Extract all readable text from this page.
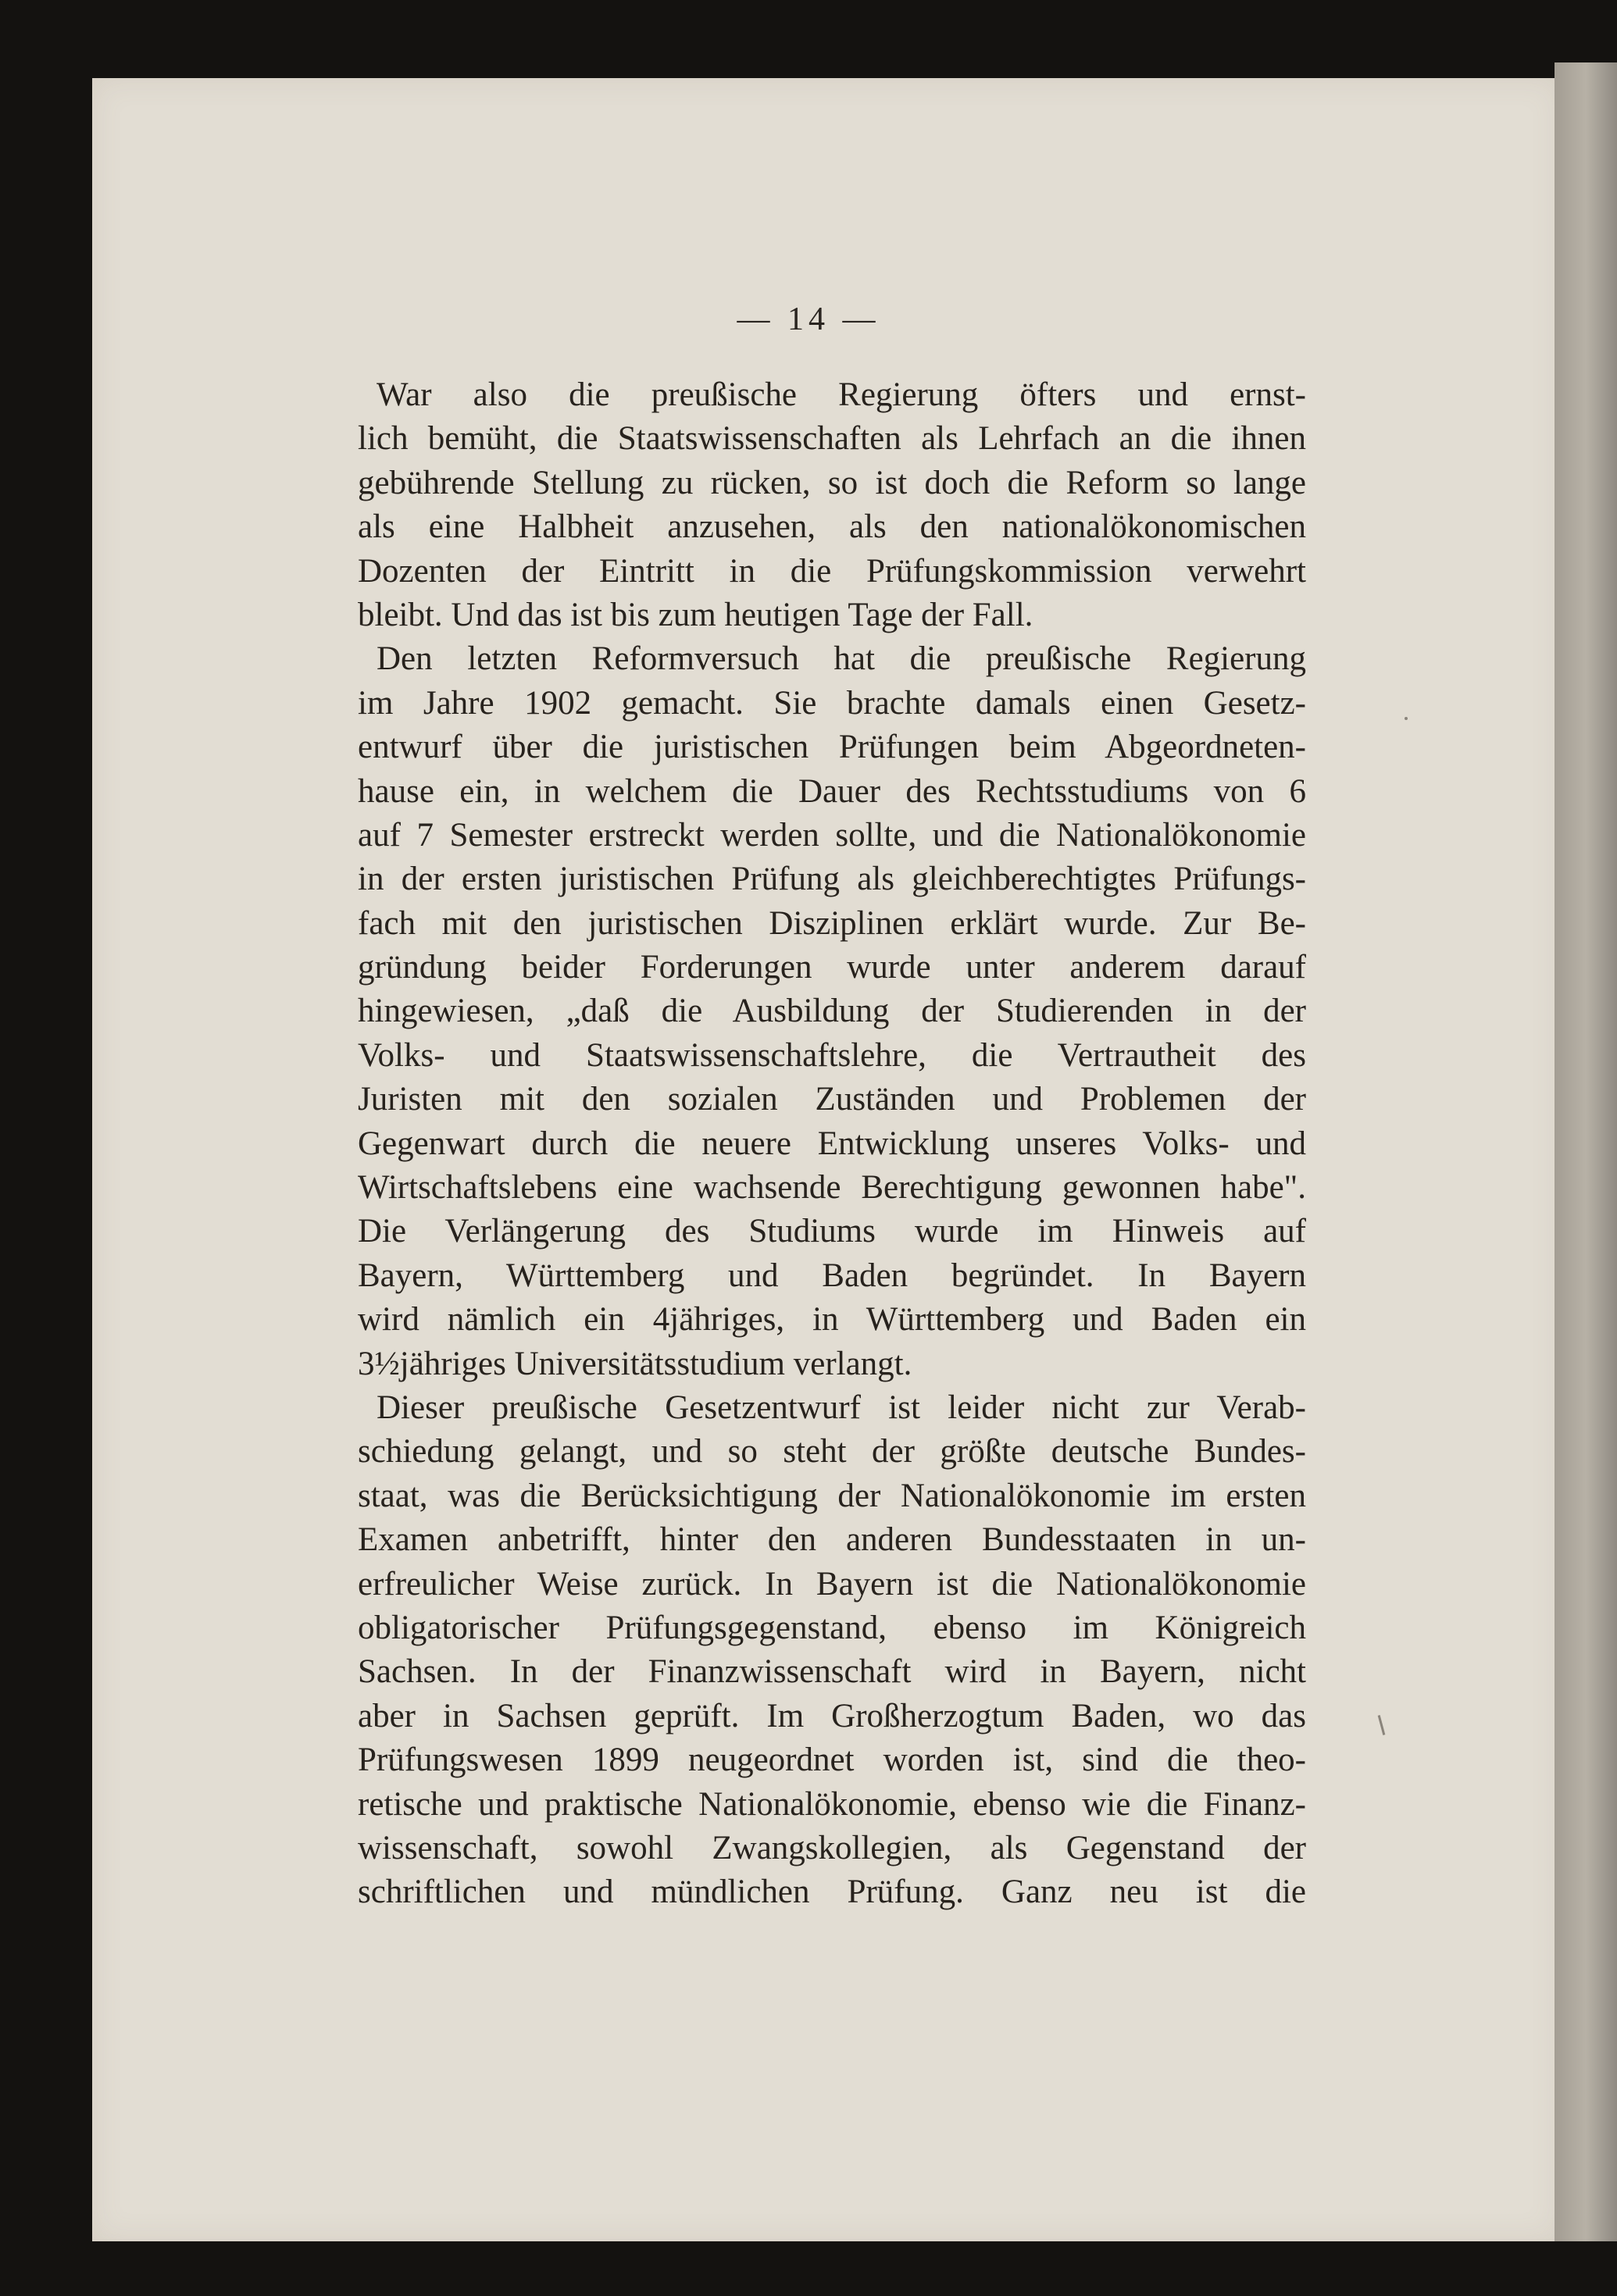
— 14 —
War also die preußische Regierung öfters und ernst-
lich bemüht, die Staatswissenschaften als Lehrfach an die ihnen
gebührende Stellung zu rücken, so ist doch die Reform so lange
als eine Halbheit anzusehen, als den nationalökonomischen
Dozenten der Eintritt in die Prüfungskommission verwehrt
bleibt. Und das ist bis zum heutigen Tage der Fall.
Den letzten Reformversuch hat die preußische Regierung
im Jahre 1902 gemacht. Sie brachte damals einen Gesetz-
entwurf über die juristischen Prüfungen beim Abgeordneten-
hause ein, in welchem die Dauer des Rechtsstudiums von 6
auf 7 Semester erstreckt werden sollte, und die Nationalökonomie
in der ersten juristischen Prüfung als gleichberechtigtes Prüfungs-
fach mit den juristischen Disziplinen erklärt wurde. Zur Be-
gründung beider Forderungen wurde unter anderem darauf
hingewiesen, „daß die Ausbildung der Studierenden in der
Volks- und Staatswissenschaftslehre, die Vertrautheit des
Juristen mit den sozialen Zuständen und Problemen der
Gegenwart durch die neuere Entwicklung unseres Volks- und
Wirtschaftslebens eine wachsende Berechtigung gewonnen habe".
Die Verlängerung des Studiums wurde im Hinweis auf
Bayern, Württemberg und Baden begründet. In Bayern
wird nämlich ein 4jähriges, in Württemberg und Baden ein
3½jähriges Universitätsstudium verlangt.
Dieser preußische Gesetzentwurf ist leider nicht zur Verab-
schiedung gelangt, und so steht der größte deutsche Bundes-
staat, was die Berücksichtigung der Nationalökonomie im ersten
Examen anbetrifft, hinter den anderen Bundesstaaten in un-
erfreulicher Weise zurück. In Bayern ist die Nationalökonomie
obligatorischer Prüfungsgegenstand, ebenso im Königreich
Sachsen. In der Finanzwissenschaft wird in Bayern, nicht
aber in Sachsen geprüft. Im Großherzogtum Baden, wo das
Prüfungswesen 1899 neugeordnet worden ist, sind die theo-
retische und praktische Nationalökonomie, ebenso wie die Finanz-
wissenschaft, sowohl Zwangskollegien, als Gegenstand der
schriftlichen und mündlichen Prüfung. Ganz neu ist die
